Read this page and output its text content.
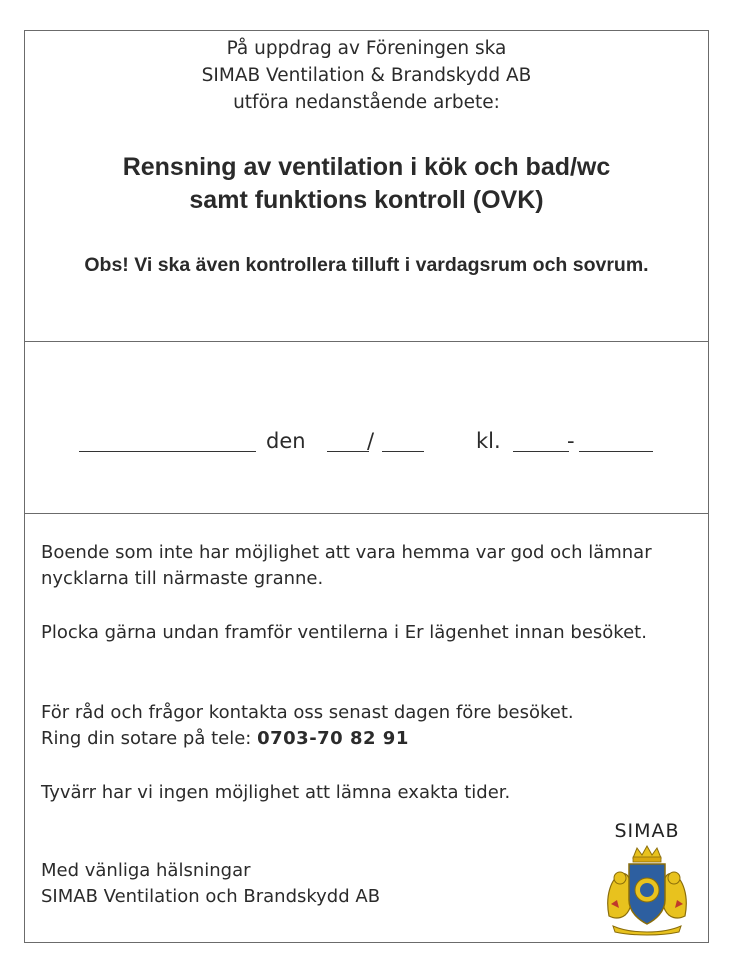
På uppdrag av Föreningen ska
SIMAB Ventilation & Brandskydd AB
utföra nedanstående arbete:
Rensning av ventilation i kök och bad/wc
samt funktions kontroll (OVK)
Obs! Vi ska även kontrollera tilluft i vardagsrum och sovrum.
den	/	kl.	-
Boende som inte har möjlighet att vara hemma var god och lämnar nycklarna till närmaste granne.
Plocka gärna undan framför ventilerna i Er lägenhet innan besöket.
För råd och frågor kontakta oss senast dagen före besöket.
Ring din sotare på tele: 0703-70 82 91
Tyvärr har vi ingen möjlighet att lämna exakta tider.
Med vänliga hälsningar
SIMAB Ventilation och Brandskydd AB
SIMAB
